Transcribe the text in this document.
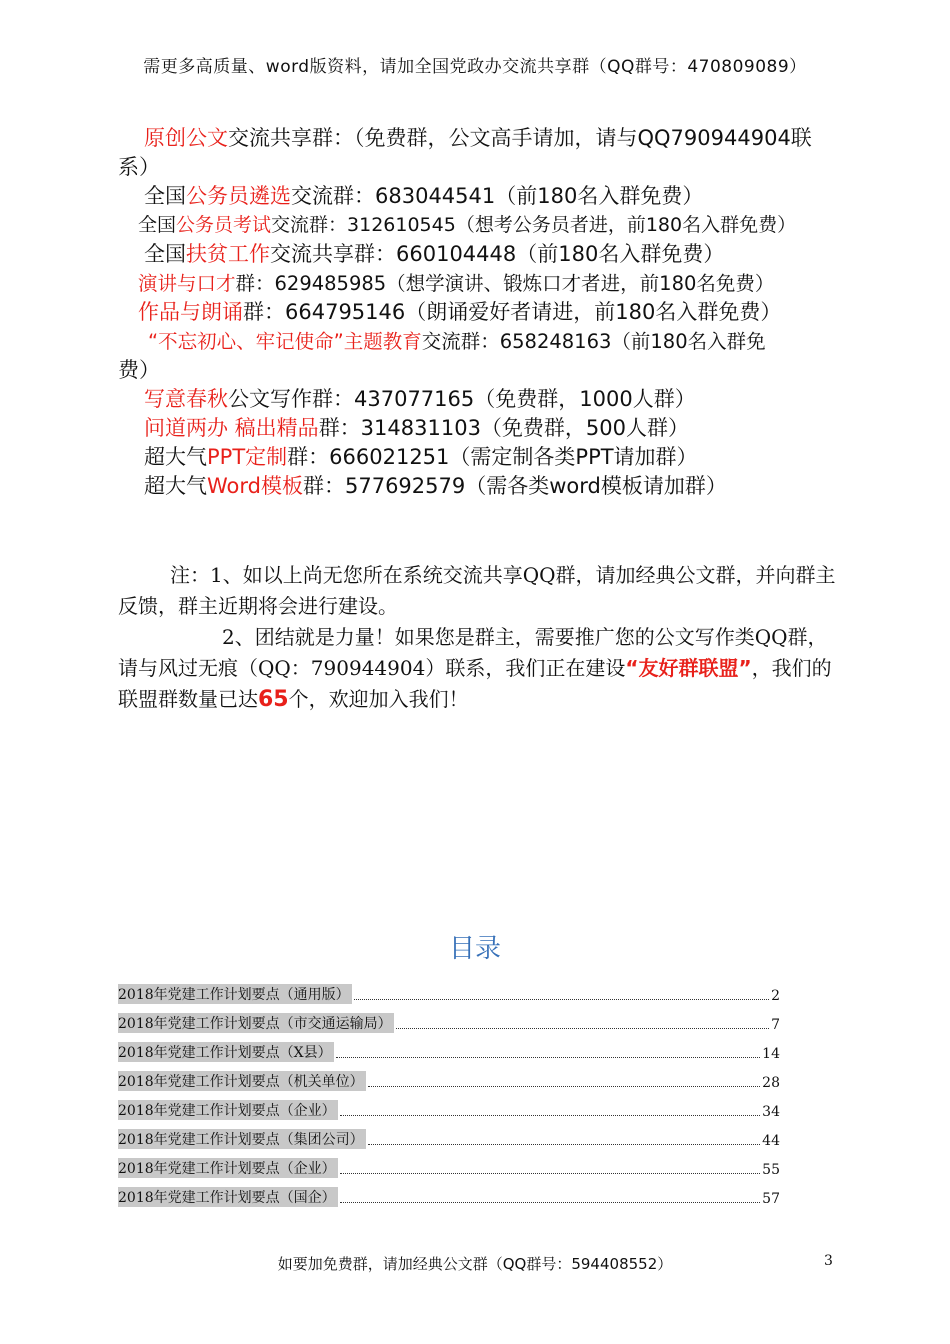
需更多高质量、word版资料，请加全国党政办交流共享群（QQ群号：470809089）
原创公文交流共享群：（免费群，公文高手请加，请与QQ790944904联
系）
全国公务员遴选交流群：683044541（前180名入群免费）
全国公务员考试交流群：312610545（想考公务员者进，前180名入群免费）
全国扶贫工作交流共享群：660104448（前180名入群免费）
演讲与口才群：629485985（想学演讲、锻炼口才者进，前180名免费）
作品与朗诵群：664795146（朗诵爱好者请进，前180名入群免费）
“不忘初心、牢记使命”主题教育交流群：658248163（前180名入群免
费）
写意春秋公文写作群：437077165（免费群，1000人群）
问道两办 稿出精品群：314831103（免费群，500人群）
超大气PPT定制群：666021251（需定制各类PPT请加群）
超大气Word模板群：577692579（需各类word模板请加群）

注：1、如以上尚无您所在系统交流共享QQ群，请加经典公文群，并向群主反馈，群主近期将会进行建设。

2、团结就是力量！如果您是群主，需要推广您的公文写作类QQ群，请与风过无痕（QQ：790944904）联系，我们正在建设“友好群联盟”，我们的联盟群数量已达65个，欢迎加入我们！

目录
2018年党建工作计划要点（通用版）	2
2018年党建工作计划要点（市交通运输局）	7
2018年党建工作计划要点（X县）	14
2018年党建工作计划要点（机关单位）	28
2018年党建工作计划要点（企业）	34
2018年党建工作计划要点（集团公司）	44
2018年党建工作计划要点（企业）	55
2018年党建工作计划要点（国企）	57
如要加免费群，请加经典公文群（QQ群号：594408552）	3
